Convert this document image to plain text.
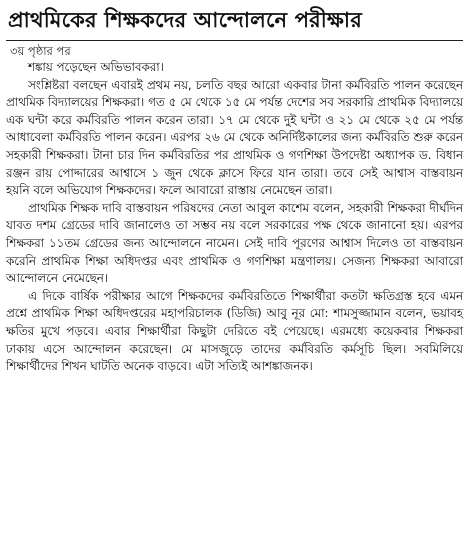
প্রাথমিকের শিক্ষকদের আন্দোলনে পরীক্ষার
৩য় পৃষ্ঠার পর

শঙ্কায় পড়েছেন অভিভাবকরা।

সংশ্লিষ্টরা বলছেন এবারই প্রথম নয়, চলতি বছর আরো একবার টানা কর্মবিরতি পালন করেছেন প্রাথমিক বিদ্যালয়ের শিক্ষকরা। গত ৫ মে থেকে ১৫ মে পর্যন্ত দেশের সব সরকারি প্রাথমিক বিদ্যালয়ে এক ঘন্টা করে কর্মবিরতি পালন করেন তারা। ১৭ মে থেকে দুই ঘন্টা ও ২১ মে থেকে ২৫ মে পর্যন্ত আধাবেলা কর্মবিরতি পালন করেন। এরপর ২৬ মে থেকে অনির্দিষ্টকালের জন্য কর্মবিরতি শুরু করেন সহকারী শিক্ষকরা। টানা চার দিন কর্মবিরতির পর প্রাথমিক ও গণশিক্ষা উপদেষ্টা অধ্যাপক ড. বিধান রঞ্জন রায় পোদ্দারের আশ্বাসে ১ জুন থেকে ক্লাসে ফিরে যান তারা। তবে সেই আশ্বাস বাস্তবায়ন হয়নি বলে অভিযোগ শিক্ষকদের। ফলে আবারো রাস্তায় নেমেছেন তারা।

প্রাথমিক শিক্ষক দাবি বাস্তবায়ন পরিষদের নেতা আবুল কাশেম বলেন, সহকারী শিক্ষকরা দীর্ঘদিন যাবত দশম গ্রেডের দাবি জানালেও তা সম্ভব নয় বলে সরকারের পক্ষ থেকে জানানো হয়। এরপর শিক্ষকরা ১১তম গ্রেডের জন্য আন্দোলনে নামেন। সেই দাবি পূরণের আশ্বাস দিলেও তা বাস্তবায়ন করেনি প্রাথমিক শিক্ষা অধিদপ্তর এবং প্রাথমিক ও গণশিক্ষা মন্ত্রণালয়। সেজন্য শিক্ষকরা আবারো আন্দোলনে নেমেছেন।

এ দিকে বার্ষিক পরীক্ষার আগে শিক্ষকদের কর্মবিরতিতে শিক্ষার্থীরা কতটা ক্ষতিগ্রস্ত হবে এমন প্রশ্নে প্রাথমিক শিক্ষা অধিদপ্তরের মহাপরিচালক (ডিজি) আবু নূর মো: শামসুজ্জামান বলেন, ভয়াবহ ক্ষতির মুখে পড়বে। এবার শিক্ষার্থীরা কিছুটা দেরিতে বই পেয়েছে। এরমধ্যে কয়েকবার শিক্ষকরা ঢাকায় এসে আন্দোলন করেছেন। মে মাসজুড়ে তাদের কর্মবিরতি কর্মসূচি ছিল। সবমিলিয়ে শিক্ষার্থীদের শিখন ঘাটতি অনেক বাড়বে। এটা সত্যিই আশঙ্কাজনক।
